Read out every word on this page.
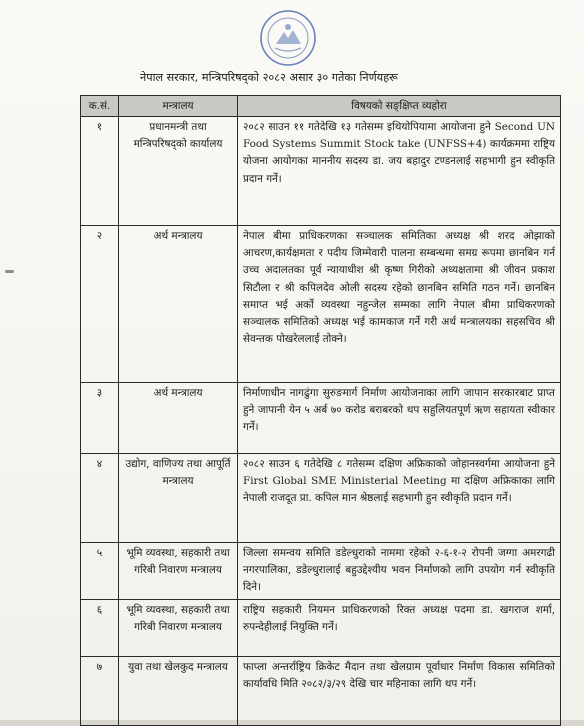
नेपाल सरकार, मन्त्रिपरिषद्को २०८२ असार ३० गतेका निर्णयहरू
क.सं.	मन्त्रालय	विषयको सङ्क्षिप्त व्यहोरा
१	प्रधानमन्त्री तथा मन्त्रिपरिषद्को कार्यालय	२०८२ साउन ११ गतेदेखि १३ गतेसम्म इथियोपियामा आयोजना हुने Second UN Food Systems Summit Stock take (UNFSS+4) कार्यक्रममा राष्ट्रिय योजना आयोगका माननीय सदस्य डा. जय बहादुर टण्डनलाई सहभागी हुन स्वीकृति प्रदान गर्ने।
२	अर्थ मन्त्रालय	नेपाल बीमा प्राधिकरणका सञ्चालक समितिका अध्यक्ष श्री शरद ओझाको आचरण,कार्यक्षमता र पदीय जिम्मेवारी पालना सम्बन्धमा समग्र रूपमा छानबिन गर्न उच्च अदालतका पूर्व न्यायाधीश श्री कृष्ण गिरीको अध्यक्षतामा श्री जीवन प्रकाश सिटौला र श्री कपिलदेव ओली सदस्य रहेको छानबिन समिति गठन गर्ने। छानबिन समाप्त भई अर्को व्यवस्था नहुन्जेल सम्मका लागि नेपाल बीमा प्राधिकरणको सञ्चालक समितिको अध्यक्ष भई कामकाज गर्ने गरी अर्थ मन्त्रालयका सहसचिव श्री सेवन्तक पोखरेललाई तोक्ने।
३	अर्थ मन्त्रालय	निर्माणाधीन नागढुंगा सुरुङमार्ग निर्माण आयोजनाका लागि जापान सरकारबाट प्राप्त हुने जापानी येन ५ अर्ब ७० करोड बराबरको थप सहुलियतपूर्ण ऋण सहायता स्वीकार गर्ने।
४	उद्योग, वाणिज्य तथा आपूर्ति मन्त्रालय	२०८२ साउन ६ गतेदेखि ८ गतेसम्म दक्षिण अफ्रिकाको जोहानस्वर्गमा आयोजना हुने First Global SME Ministerial Meeting मा दक्षिण अफ्रिकाका लागि नेपाली राजदूत प्रा. कपिल मान श्रेष्ठलाई सहभागी हुन स्वीकृति प्रदान गर्ने।
५	भूमि व्यवस्था, सहकारी तथा गरिबी निवारण मन्त्रालय	जिल्ला समन्वय समिति डडेल्धुराको नाममा रहेको २-६-१-२ रोपनी जग्गा अमरगढी नगरपालिका, डडेल्धुरालाई बहुउद्देश्यीय भवन निर्माणको लागि उपयोग गर्न स्वीकृति दिने।
६	भूमि व्यवस्था, सहकारी तथा गरिबी निवारण मन्त्रालय	राष्ट्रिय सहकारी नियमन प्राधिकरणको रिक्त अध्यक्ष पदमा डा. खगराज शर्मा, रुपन्देहीलाई नियुक्ति गर्ने।
७	युवा तथा खेलकुद मन्त्रालय	फाप्ला अन्तर्राष्ट्रिय क्रिकेट मैदान तथा खेलग्राम पूर्वाधार निर्माण विकास समितिको कार्यावधि मिति २०८२/३/२९ देखि चार महिनाका लागि थप गर्ने।
